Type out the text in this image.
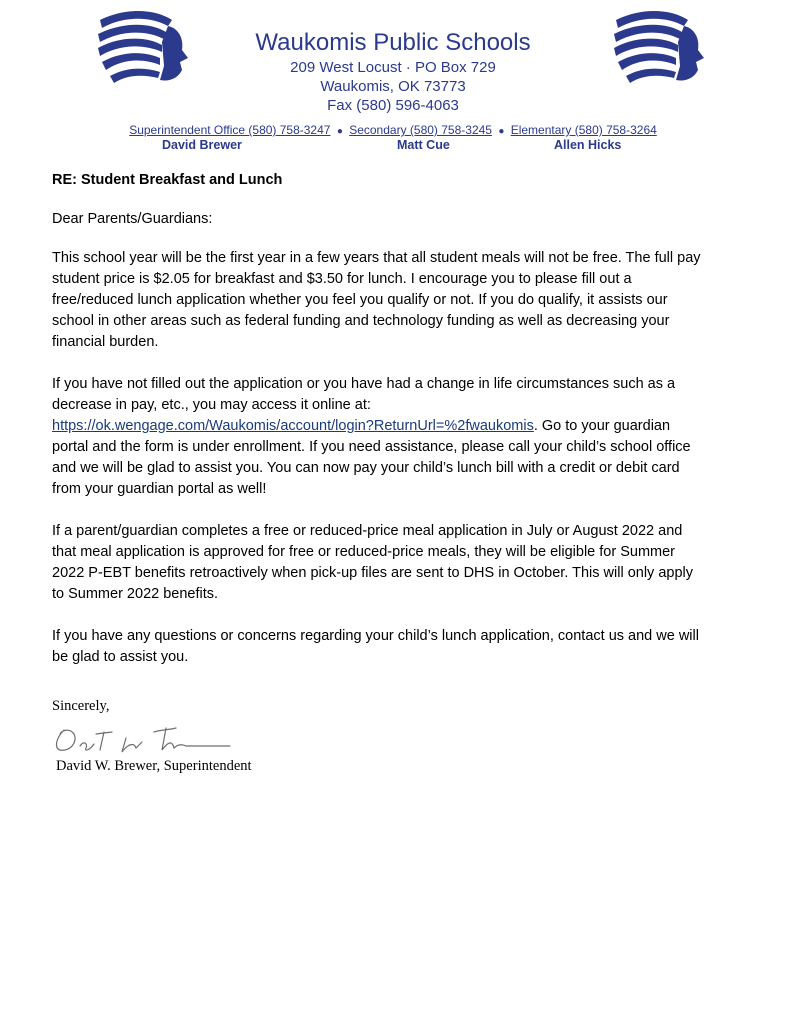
Waukomis Public Schools
209 West Locust · PO Box 729
Waukomis, OK 73773
Fax (580) 596-4063
Superintendent Office (580) 758-3247 ● Secondary (580) 758-3245 ● Elementary (580) 758-3264
David Brewer	Matt Cue	Allen Hicks
RE: Student Breakfast and Lunch
Dear Parents/Guardians:
This school year will be the first year in a few years that all student meals will not be free. The full pay student price is $2.05 for breakfast and $3.50 for lunch. I encourage you to please fill out a free/reduced lunch application whether you feel you qualify or not. If you do qualify, it assists our school in other areas such as federal funding and technology funding as well as decreasing your financial burden.
If you have not filled out the application or you have had a change in life circumstances such as a decrease in pay, etc., you may access it online at:
https://ok.wengage.com/Waukomis/account/login?ReturnUrl=%2fwaukomis. Go to your guardian portal and the form is under enrollment. If you need assistance, please call your child’s school office and we will be glad to assist you. You can now pay your child’s lunch bill with a credit or debit card from your guardian portal as well!
If a parent/guardian completes a free or reduced-price meal application in July or August 2022 and that meal application is approved for free or reduced-price meals, they will be eligible for Summer 2022 P-EBT benefits retroactively when pick-up files are sent to DHS in October. This will only apply to Summer 2022 benefits.
If you have any questions or concerns regarding your child’s lunch application, contact us and we will be glad to assist you.
Sincerely,
David W. Brewer, Superintendent
